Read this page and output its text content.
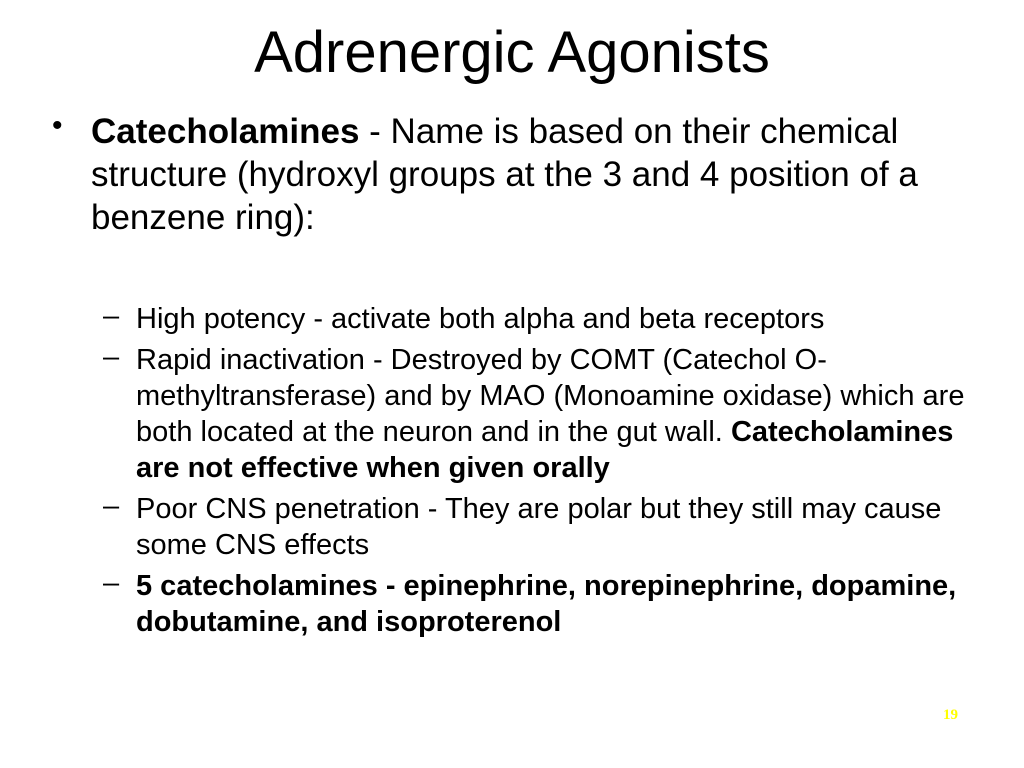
Adrenergic Agonists
• Catecholamines - Name is based on their chemical structure (hydroxyl groups at the 3 and 4 position of a benzene ring):
– High potency - activate both alpha and beta receptors
– Rapid inactivation - Destroyed by COMT (Catechol O-methyltransferase) and by MAO (Monoamine oxidase) which are both located at the neuron and in the gut wall. Catecholamines are not effective when given orally
– Poor CNS penetration - They are polar but they still may cause some CNS effects
– 5 catecholamines - epinephrine, norepinephrine, dopamine, dobutamine, and isoproterenol
19
